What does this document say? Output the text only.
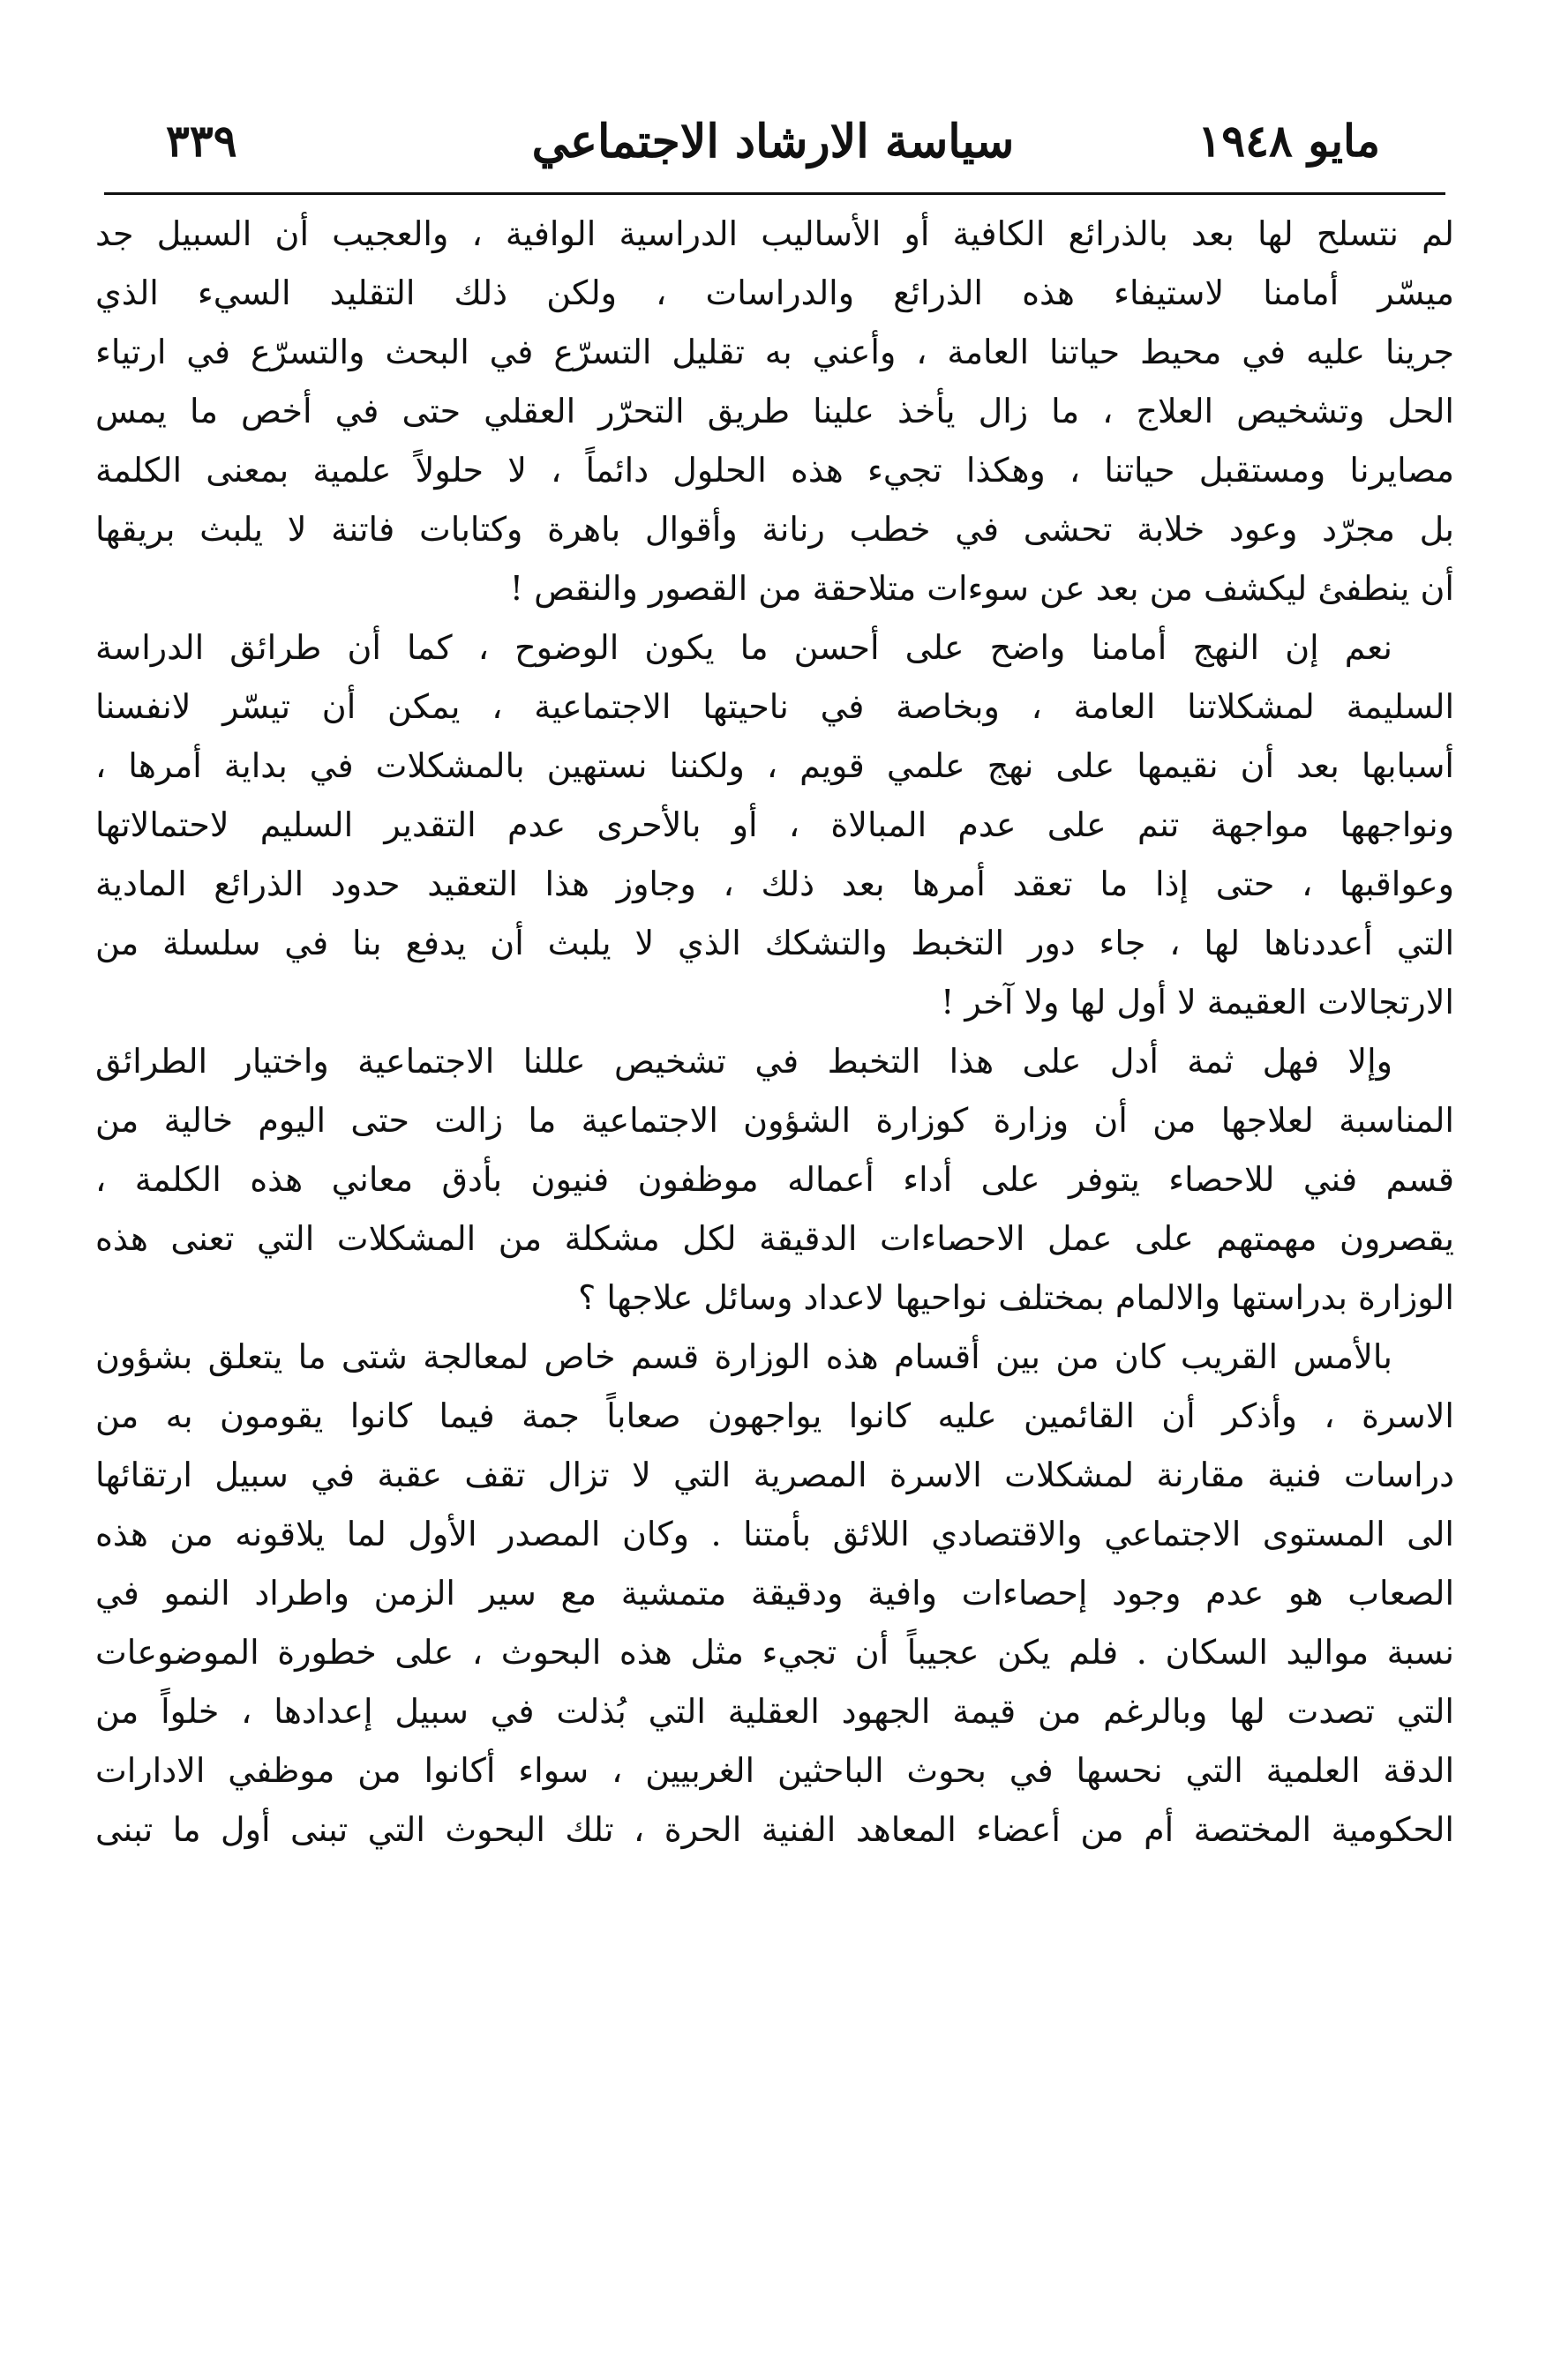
٣٣٩	سياسة الارشاد الاجتماعي	مايو ١٩٤٨
لم نتسلح لها بعد بالذرائع الكافية أو الأساليب الدراسية الوافية ، والعجيب أن السبيل جد
ميسّر أمامنا لاستيفاء هذه الذرائع والدراسات ، ولكن ذلك التقليد السيء الذي
جرينا عليه في محيط حياتنا العامة ، وأعني به تقليل التسرّع في البحث والتسرّع في ارتياء
الحل وتشخيص العلاج ، ما زال يأخذ علينا طريق التحرّر العقلي حتى في أخص ما يمس
مصايرنا ومستقبل حياتنا ، وهكذا تجيء هذه الحلول دائماً ، لا حلولاً علمية بمعنى الكلمة
بل مجرّد وعود خلابة تحشى في خطب رنانة وأقوال باهرة وكتابات فاتنة لا يلبث بريقها
أن ينطفئ ليكشف من بعد عن سوءات متلاحقة من القصور والنقص !
نعم إن النهج أمامنا واضح على أحسن ما يكون الوضوح ، كما أن طرائق الدراسة
السليمة لمشكلاتنا العامة ، وبخاصة في ناحيتها الاجتماعية ، يمكن أن تيسّر لانفسنا
أسبابها بعد أن نقيمها على نهج علمي قويم ، ولكننا نستهين بالمشكلات في بداية أمرها ،
ونواجهها مواجهة تنم على عدم المبالاة ، أو بالأحرى عدم التقدير السليم لاحتمالاتها
وعواقبها ، حتى إذا ما تعقد أمرها بعد ذلك ، وجاوز هذا التعقيد حدود الذرائع المادية
التي أعددناها لها ، جاء دور التخبط والتشكك الذي لا يلبث أن يدفع بنا في سلسلة من
الارتجالات العقيمة لا أول لها ولا آخر !
وإلا فهل ثمة أدل على هذا التخبط في تشخيص عللنا الاجتماعية واختيار الطرائق
المناسبة لعلاجها من أن وزارة كوزارة الشؤون الاجتماعية ما زالت حتى اليوم خالية من
قسم فني للاحصاء يتوفر على أداء أعماله موظفون فنيون بأدق معاني هذه الكلمة ،
يقصرون مهمتهم على عمل الاحصاءات الدقيقة لكل مشكلة من المشكلات التي تعنى هذه
الوزارة بدراستها والالمام بمختلف نواحيها لاعداد وسائل علاجها ؟
بالأمس القريب كان من بين أقسام هذه الوزارة قسم خاص لمعالجة شتى ما يتعلق بشؤون
الاسرة ، وأذكر أن القائمين عليه كانوا يواجهون صعاباً جمة فيما كانوا يقومون به من
دراسات فنية مقارنة لمشكلات الاسرة المصرية التي لا تزال تقف عقبة في سبيل ارتقائها
الى المستوى الاجتماعي والاقتصادي اللائق بأمتنا . وكان المصدر الأول لما يلاقونه من هذه
الصعاب هو عدم وجود إحصاءات وافية ودقيقة متمشية مع سير الزمن واطراد النمو في
نسبة مواليد السكان . فلم يكن عجيباً أن تجيء مثل هذه البحوث ، على خطورة الموضوعات
التي تصدت لها وبالرغم من قيمة الجهود العقلية التي بُذلت في سبيل إعدادها ، خلواً من
الدقة العلمية التي نحسها في بحوث الباحثين الغربيين ، سواء أكانوا من موظفي الادارات
الحكومية المختصة أم من أعضاء المعاهد الفنية الحرة ، تلك البحوث التي تبنى أول ما تبنى
